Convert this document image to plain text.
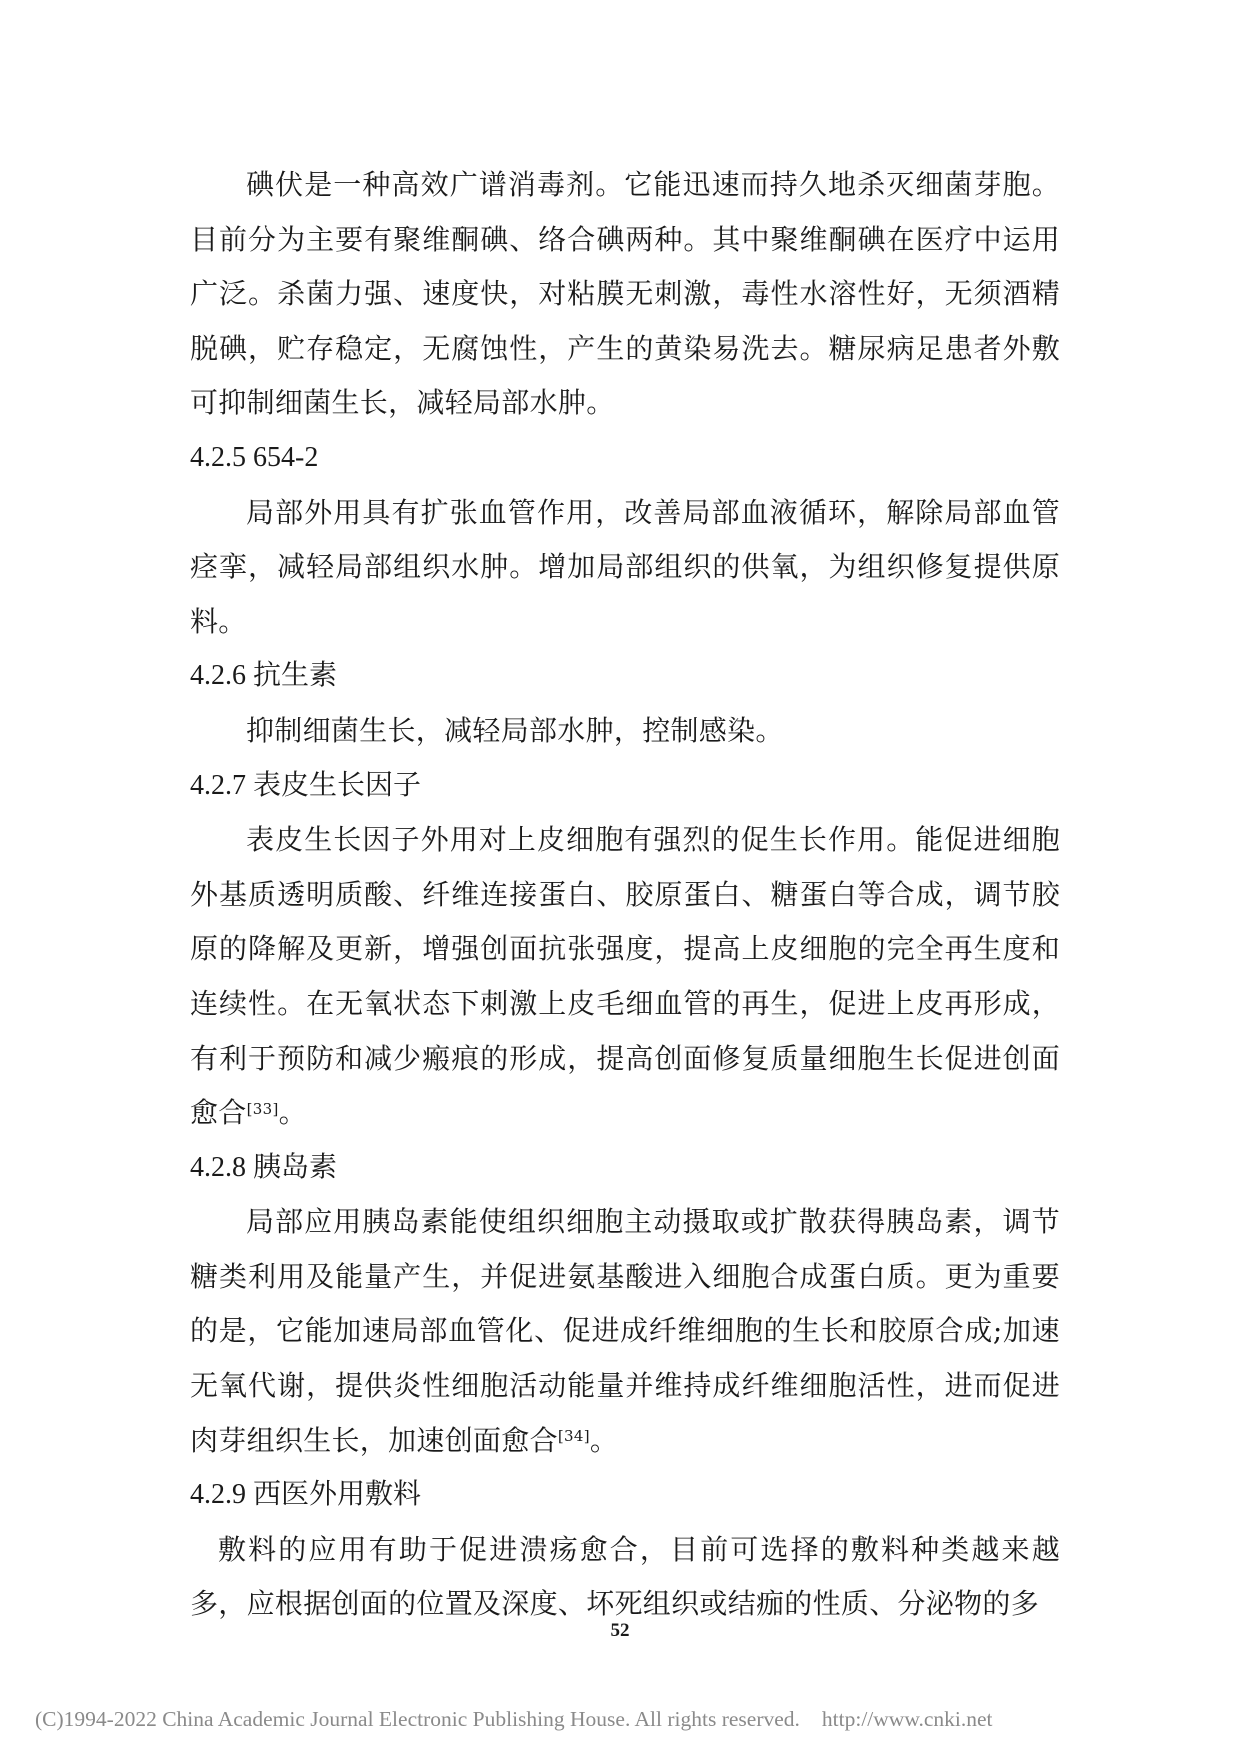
碘伏是一种高效广谱消毒剂。它能迅速而持久地杀灭细菌芽胞。目前分为主要有聚维酮碘、络合碘两种。其中聚维酮碘在医疗中运用广泛。杀菌力强、速度快，对粘膜无刺激，毒性水溶性好，无须酒精脱碘，贮存稳定，无腐蚀性，产生的黄染易洗去。糖尿病足患者外敷可抑制细菌生长，减轻局部水肿。

4.2.5 654-2

局部外用具有扩张血管作用，改善局部血液循环，解除局部血管痉挛，减轻局部组织水肿。增加局部组织的供氧，为组织修复提供原料。

4.2.6 抗生素

抑制细菌生长，减轻局部水肿，控制感染。

4.2.7 表皮生长因子

表皮生长因子外用对上皮细胞有强烈的促生长作用。能促进细胞外基质透明质酸、纤维连接蛋白、胶原蛋白、糖蛋白等合成，调节胶原的降解及更新，增强创面抗张强度，提高上皮细胞的完全再生度和连续性。在无氧状态下刺激上皮毛细血管的再生，促进上皮再形成，有利于预防和减少瘢痕的形成，提高创面修复质量细胞生长促进创面愈合[33]。

4.2.8 胰岛素

局部应用胰岛素能使组织细胞主动摄取或扩散获得胰岛素，调节糖类利用及能量产生，并促进氨基酸进入细胞合成蛋白质。更为重要的是，它能加速局部血管化、促进成纤维细胞的生长和胶原合成;加速无氧代谢，提供炎性细胞活动能量并维持成纤维细胞活性，进而促进肉芽组织生长，加速创面愈合[34]。

4.2.9 西医外用敷料

敷料的应用有助于促进溃疡愈合，目前可选择的敷料种类越来越多，应根据创面的位置及深度、坏死组织或结痂的性质、分泌物的多

52
(C)1994-2022 China Academic Journal Electronic Publishing House. All rights reserved. http://www.cnki.net
